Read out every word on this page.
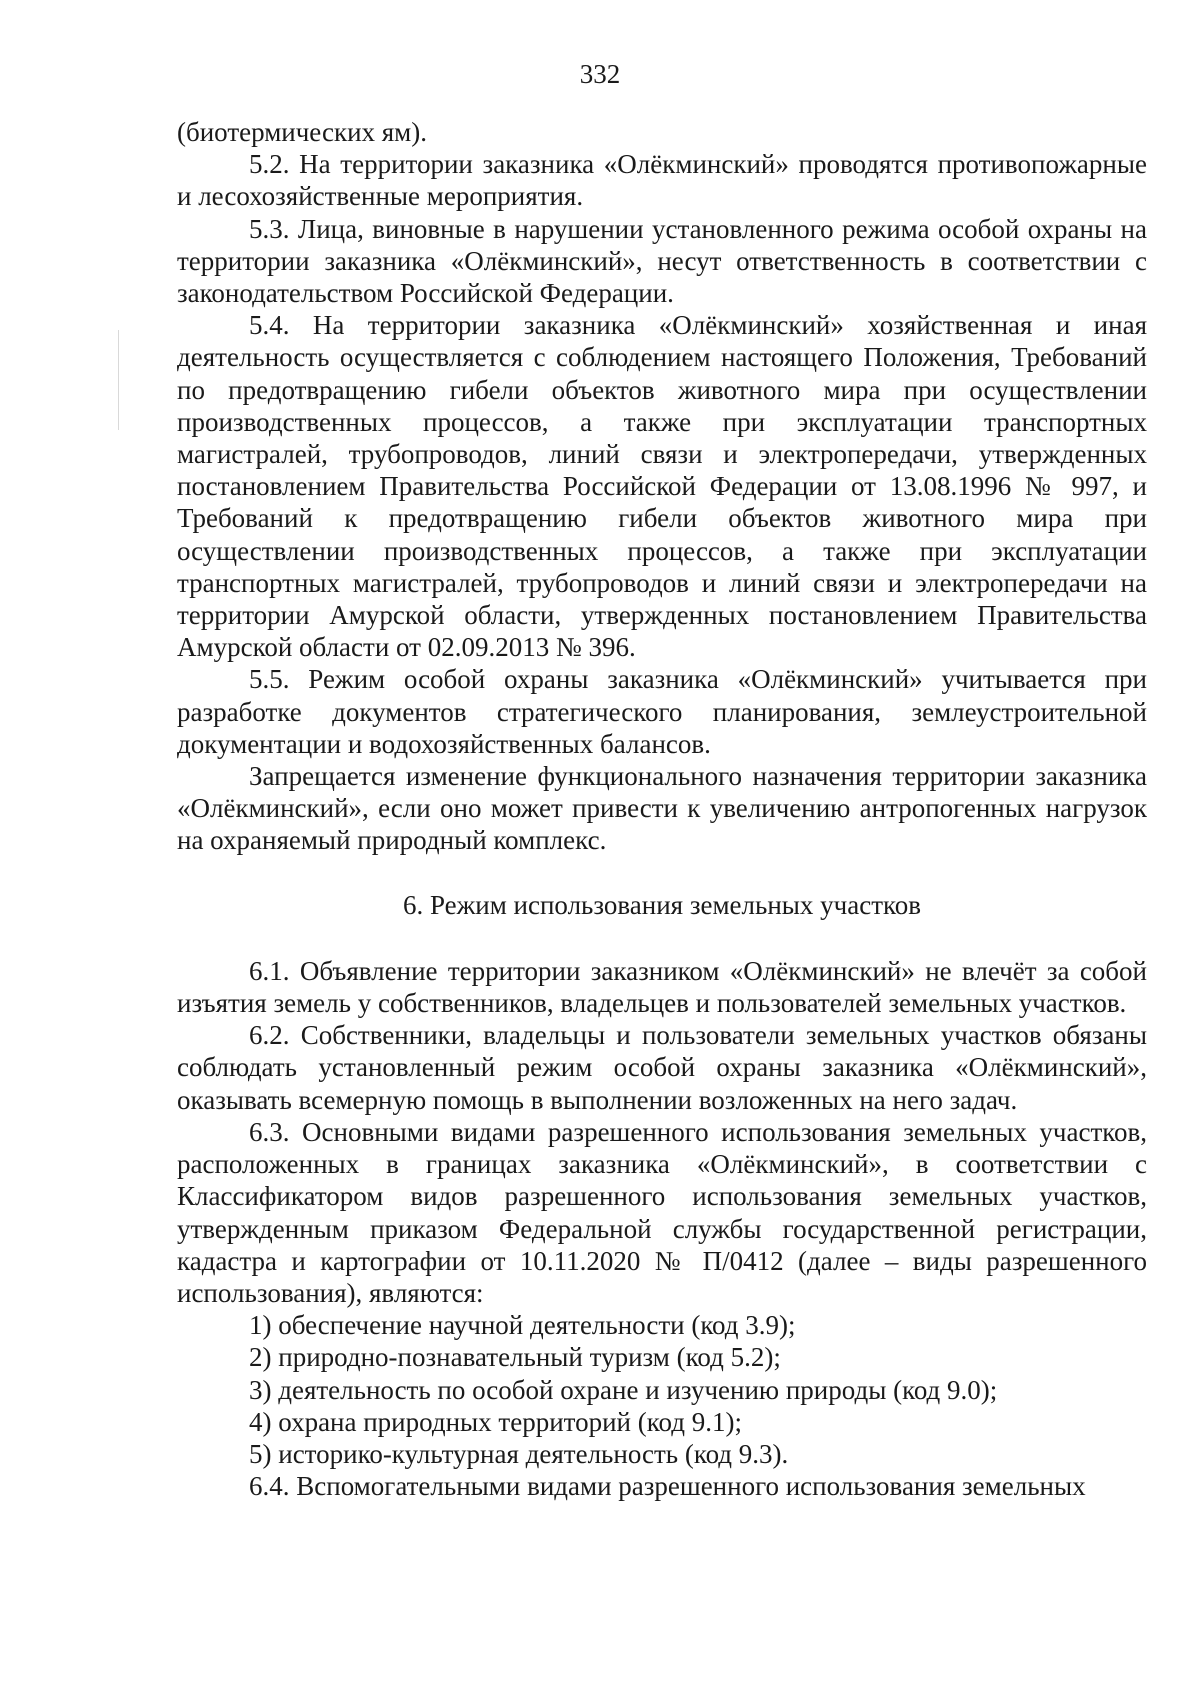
332

(биотермических ям).

5.2. На территории заказника «Олёкминский» проводятся противопожарные и лесохозяйственные мероприятия.

5.3. Лица, виновные в нарушении установленного режима особой охраны на территории заказника «Олёкминский», несут ответственность в соответствии с законодательством Российской Федерации.

5.4. На территории заказника «Олёкминский» хозяйственная и иная деятельность осуществляется с соблюдением настоящего Положения, Требований по предотвращению гибели объектов животного мира при осуществлении производственных процессов, а также при эксплуатации транспортных магистралей, трубопроводов, линий связи и электропередачи, утвержденных постановлением Правительства Российской Федерации от 13.08.1996 № 997, и Требований к предотвращению гибели объектов животного мира при осуществлении производственных процессов, а также при эксплуатации транспортных магистралей, трубопроводов и линий связи и электропередачи на территории Амурской области, утвержденных постановлением Правительства Амурской области от 02.09.2013 № 396.

5.5. Режим особой охраны заказника «Олёкминский» учитывается при разработке документов стратегического планирования, землеустроительной документации и водохозяйственных балансов.

Запрещается изменение функционального назначения территории заказника «Олёкминский», если оно может привести к увеличению антропогенных нагрузок на охраняемый природный комплекс.

6. Режим использования земельных участков

6.1. Объявление территории заказником «Олёкминский» не влечёт за собой изъятия земель у собственников, владельцев и пользователей земельных участков.

6.2. Собственники, владельцы и пользователи земельных участков обязаны соблюдать установленный режим особой охраны заказника «Олёкминский», оказывать всемерную помощь в выполнении возложенных на него задач.

6.3. Основными видами разрешенного использования земельных участков, расположенных в границах заказника «Олёкминский», в соответствии с Классификатором видов разрешенного использования земельных участков, утвержденным приказом Федеральной службы государственной регистрации, кадастра и картографии от 10.11.2020 № П/0412 (далее – виды разрешенного использования), являются:

1) обеспечение научной деятельности (код 3.9);

2) природно-познавательный туризм (код 5.2);

3) деятельность по особой охране и изучению природы (код 9.0);

4) охрана природных территорий (код 9.1);

5) историко-культурная деятельность (код 9.3).

6.4. Вспомогательными видами разрешенного использования земельных
